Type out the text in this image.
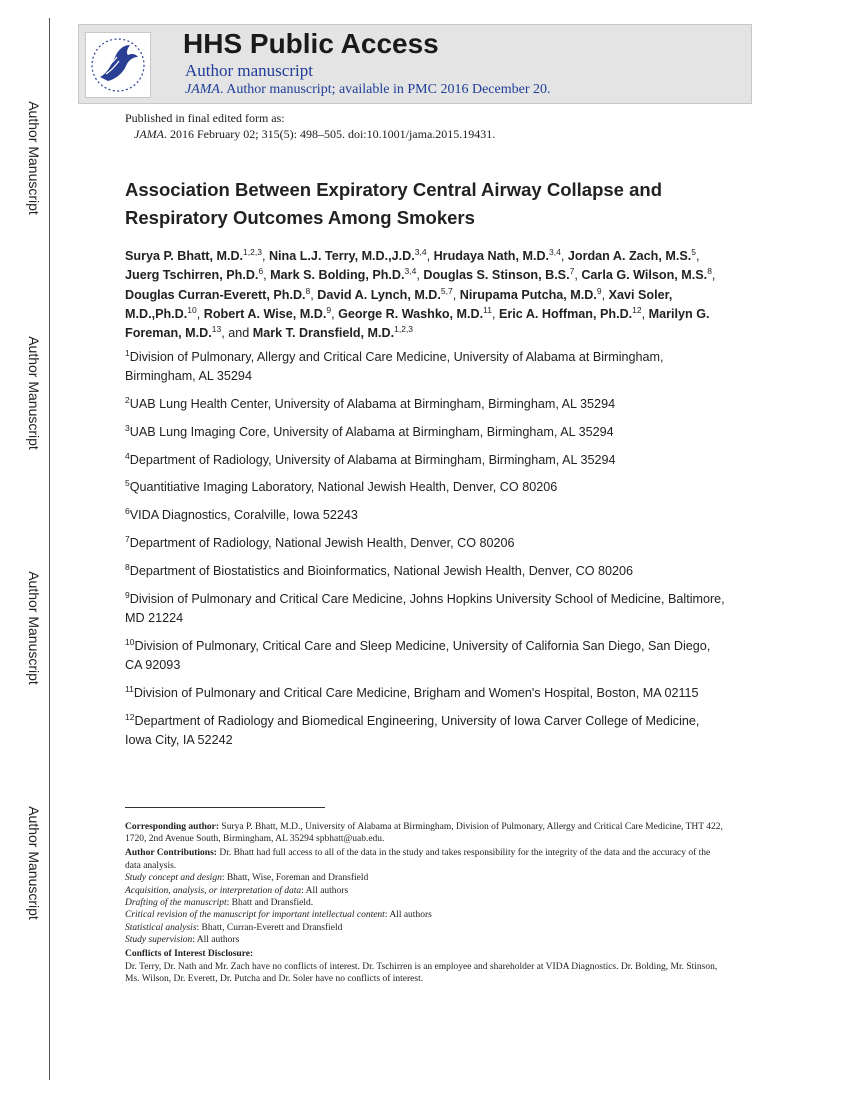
Author Manuscript
Author Manuscript
Author Manuscript
Author Manuscript
HHS Public Access
Author manuscript
JAMA. Author manuscript; available in PMC 2016 December 20.
Published in final edited form as:
JAMA. 2016 February 02; 315(5): 498–505. doi:10.1001/jama.2015.19431.
Association Between Expiratory Central Airway Collapse and Respiratory Outcomes Among Smokers
Surya P. Bhatt, M.D.$^{1,2,3}$, Nina L.J. Terry, M.D.,J.D.$^{3,4}$, Hrudaya Nath, M.D.$^{3,4}$, Jordan A. Zach, M.S.$^5$, Juerg Tschirren, Ph.D.$^6$, Mark S. Bolding, Ph.D.$^{3,4}$, Douglas S. Stinson, B.S.$^7$, Carla G. Wilson, M.S.$^8$, Douglas Curran-Everett, Ph.D.$^8$, David A. Lynch, M.D.$^{5,7}$, Nirupama Putcha, M.D.$^9$, Xavi Soler, M.D.,Ph.D.$^{10}$, Robert A. Wise, M.D.$^9$, George R. Washko, M.D.$^{11}$, Eric A. Hoffman, Ph.D.$^{12}$, Marilyn G. Foreman, M.D.$^{13}$, and Mark T. Dransfield, M.D.$^{1,2,3}$
$^1$Division of Pulmonary, Allergy and Critical Care Medicine, University of Alabama at Birmingham, Birmingham, AL 35294
$^2$UAB Lung Health Center, University of Alabama at Birmingham, Birmingham, AL 35294
$^3$UAB Lung Imaging Core, University of Alabama at Birmingham, Birmingham, AL 35294
$^4$Department of Radiology, University of Alabama at Birmingham, Birmingham, AL 35294
$^5$Quantitiative Imaging Laboratory, National Jewish Health, Denver, CO 80206
$^6$VIDA Diagnostics, Coralville, Iowa 52243
$^7$Department of Radiology, National Jewish Health, Denver, CO 80206
$^8$Department of Biostatistics and Bioinformatics, National Jewish Health, Denver, CO 80206
$^9$Division of Pulmonary and Critical Care Medicine, Johns Hopkins University School of Medicine, Baltimore, MD 21224
$^{10}$Division of Pulmonary, Critical Care and Sleep Medicine, University of California San Diego, San Diego, CA 92093
$^{11}$Division of Pulmonary and Critical Care Medicine, Brigham and Women's Hospital, Boston, MA 02115
$^{12}$Department of Radiology and Biomedical Engineering, University of Iowa Carver College of Medicine, Iowa City, IA 52242

Corresponding author: Surya P. Bhatt, M.D., University of Alabama at Birmingham, Division of Pulmonary, Allergy and Critical Care Medicine, THT 422, 1720, 2nd Avenue South, Birmingham, AL 35294 spbhatt@uab.edu.

Author Contributions: Dr. Bhatt had full access to all of the data in the study and takes responsibility for the integrity of the data and the accuracy of the data analysis.

Study concept and design: Bhatt, Wise, Foreman and Dransfield

Acquisition, analysis, or interpretation of data: All authors

Drafting of the manuscript: Bhatt and Dransfield.

Critical revision of the manuscript for important intellectual content: All authors

Statistical analysis: Bhatt, Curran-Everett and Dransfield

Study supervision: All authors

Conflicts of Interest Disclosure:

Dr. Terry, Dr. Nath and Mr. Zach have no conflicts of interest. Dr. Tschirren is an employee and shareholder at VIDA Diagnostics. Dr. Bolding, Mr. Stinson, Ms. Wilson, Dr. Everett, Dr. Putcha and Dr. Soler have no conflicts of interest.
